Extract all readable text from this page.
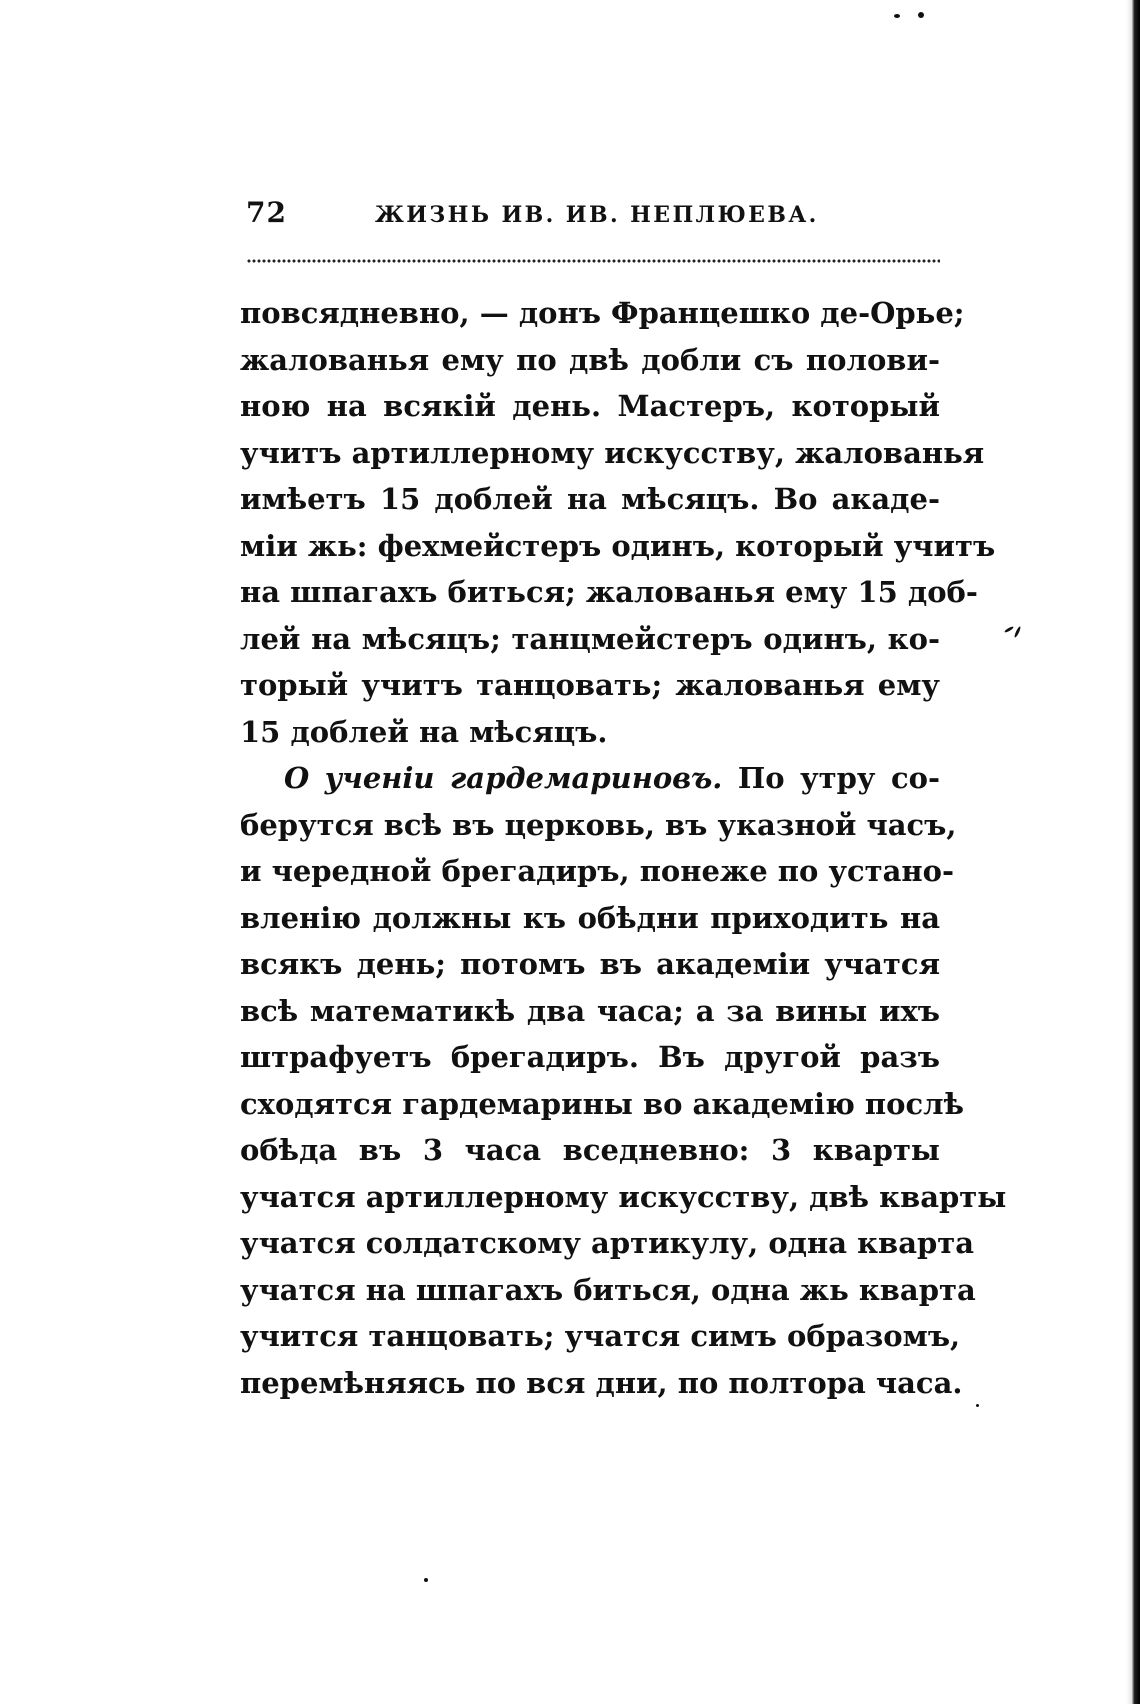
72	ЖИЗНЬ ИВ. ИВ. НЕПЛЮЕВА.
повсядневно, — донъ Францешко де-Орье;
жалованья ему по двѣ добли съ полови-
ною на всякій день. Мастеръ, который
учитъ артиллерному искусству, жалованья
имѣетъ 15 доблей на мѣсяцъ. Во акаде-
міи жь: фехмейстеръ одинъ, который учитъ
на шпагахъ биться; жалованья ему 15 доб-
лей на мѣсяцъ; танцмейстеръ одинъ, ко-
торый учитъ танцовать; жалованья ему
15 доблей на мѣсяцъ.
О ученіи гардемариновъ. По утру со-
берутся всѣ въ церковь, въ указной часъ,
и чередной брегадиръ, понеже по устано-
вленію должны къ обѣдни приходить на
всякъ день; потомъ въ академіи учатся
всѣ математикѣ два часа; а за вины ихъ
штрафуетъ брегадиръ. Въ другой разъ
сходятся гардемарины во академію послѣ
обѣда въ 3 часа вседневно: 3 кварты
учатся артиллерному искусству, двѣ кварты
учатся солдатскому артикулу, одна кварта
учатся на шпагахъ биться, одна жь кварта
учится танцовать; учатся симъ образомъ,
перемѣняясь по вся дни, по полтора часа.
